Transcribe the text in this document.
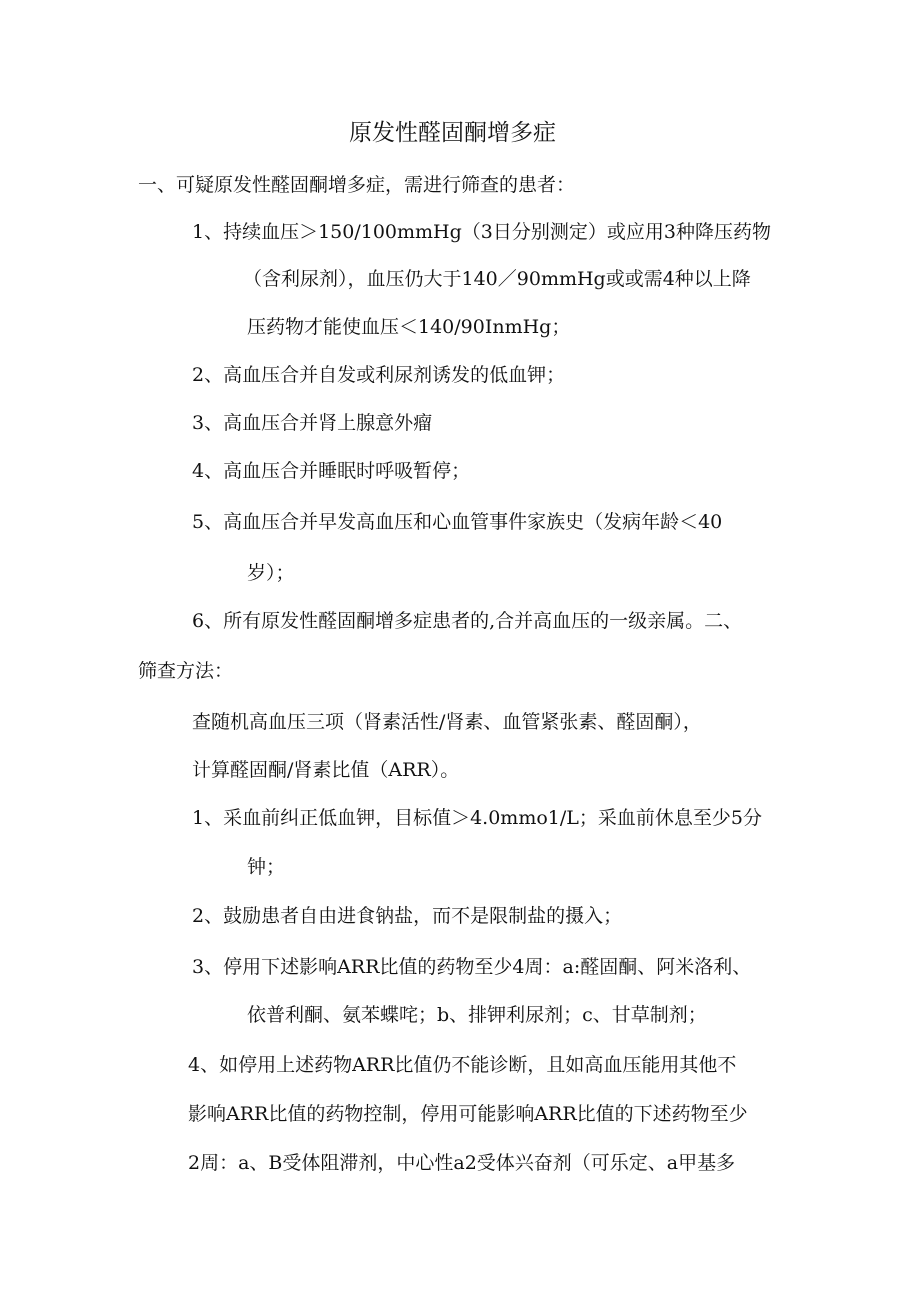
原发性醛固酮增多症
一、可疑原发性醛固酮增多症，需进行筛查的患者：
1、持续血压＞150/100mmHg（3日分别测定）或应用3种降压药物
（含利尿剂），血压仍大于140／90mmHg或或需4种以上降
压药物才能使血压＜140/90InmHg；
2、高血压合并自发或利尿剂诱发的低血钾；
3、高血压合并肾上腺意外瘤
4、高血压合并睡眠时呼吸暂停；
5、高血压合并早发高血压和心血管事件家族史（发病年龄＜40
岁）；
6、所有原发性醛固酮增多症患者的,合并高血压的一级亲属。二、
筛查方法：
查随机高血压三项（肾素活性/肾素、血管紧张素、醛固酮），
计算醛固酮/肾素比值（ARR）。
1、采血前纠正低血钾，目标值＞4.0mmo1/L；采血前休息至少5分
钟；
2、鼓励患者自由进食钠盐，而不是限制盐的摄入；
3、停用下述影响ARR比值的药物至少4周：a:醛固酮、阿米洛利、
依普利酮、氨苯蝶咤；b、排钾利尿剂；c、甘草制剂；
4、如停用上述药物ARR比值仍不能诊断，且如高血压能用其他不
影响ARR比值的药物控制，停用可能影响ARR比值的下述药物至少
2周：a、B受体阻滞剂，中心性a2受体兴奋剂（可乐定、a甲基多
